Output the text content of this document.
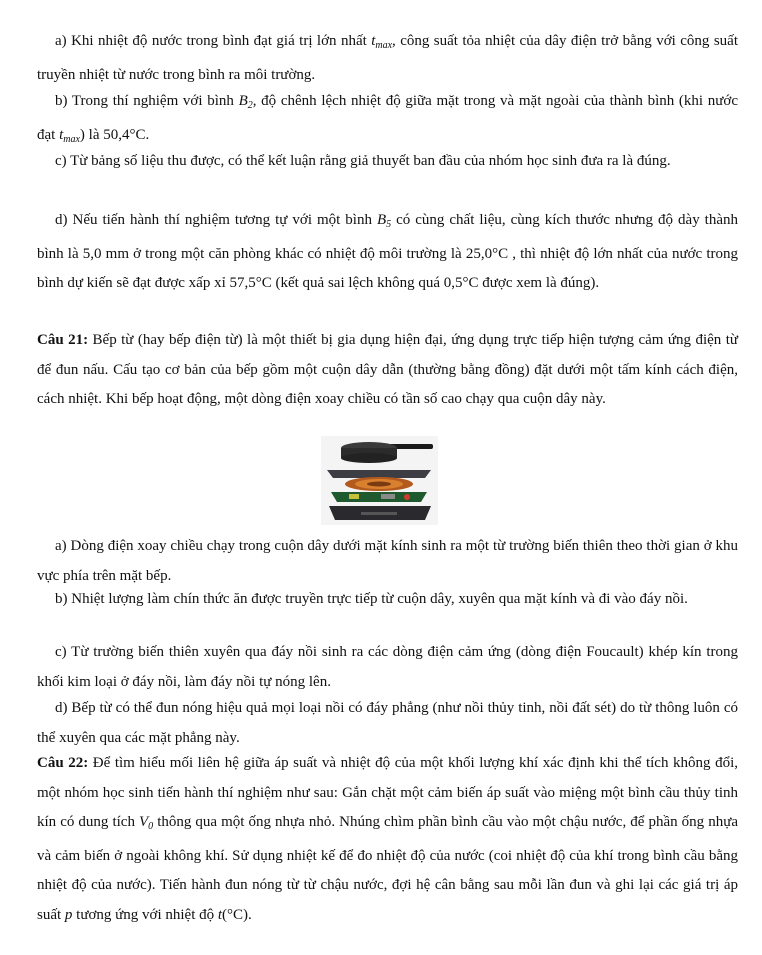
a) Khi nhiệt độ nước trong bình đạt giá trị lớn nhất $t_{max}$, công suất tỏa nhiệt của dây điện trở bằng với công suất truyền nhiệt từ nước trong bình ra môi trường.

b) Trong thí nghiệm với bình $B_2$, độ chênh lệch nhiệt độ giữa mặt trong và mặt ngoài của thành bình (khi nước đạt $t_{max}$) là 50,4°C.

c) Từ bảng số liệu thu được, có thể kết luận rằng giả thuyết ban đầu của nhóm học sinh đưa ra là đúng.

d) Nếu tiến hành thí nghiệm tương tự với một bình $B_5$ có cùng chất liệu, cùng kích thước nhưng độ dày thành bình là 5,0 mm ở trong một căn phòng khác có nhiệt độ môi trường là 25,0°C , thì nhiệt độ lớn nhất của nước trong bình dự kiến sẽ đạt được xấp xỉ 57,5°C (kết quả sai lệch không quá 0,5°C được xem là đúng).

Câu 21: Bếp từ (hay bếp điện từ) là một thiết bị gia dụng hiện đại, ứng dụng trực tiếp hiện tượng cảm ứng điện từ để đun nấu. Cấu tạo cơ bản của bếp gồm một cuộn dây dẫn (thường bằng đồng) đặt dưới một tấm kính cách điện, cách nhiệt. Khi bếp hoạt động, một dòng điện xoay chiều có tần số cao chạy qua cuộn dây này.

a) Dòng điện xoay chiều chạy trong cuộn dây dưới mặt kính sinh ra một từ trường biến thiên theo thời gian ở khu vực phía trên mặt bếp.

b) Nhiệt lượng làm chín thức ăn được truyền trực tiếp từ cuộn dây, xuyên qua mặt kính và đi vào đáy nồi.

c) Từ trường biến thiên xuyên qua đáy nồi sinh ra các dòng điện cảm ứng (dòng điện Foucault) khép kín trong khối kim loại ở đáy nồi, làm đáy nồi tự nóng lên.

d) Bếp từ có thể đun nóng hiệu quả mọi loại nồi có đáy phẳng (như nồi thủy tinh, nồi đất sét) do từ thông luôn có thể xuyên qua các mặt phẳng này.

Câu 22: Để tìm hiểu mối liên hệ giữa áp suất và nhiệt độ của một khối lượng khí xác định khi thể tích không đổi, một nhóm học sinh tiến hành thí nghiệm như sau: Gắn chặt một cảm biến áp suất vào miệng một bình cầu thủy tinh kín có dung tích $V_0$ thông qua một ống nhựa nhỏ. Nhúng chìm phần bình cầu vào một chậu nước, để phần ống nhựa và cảm biến ở ngoài không khí. Sử dụng nhiệt kế để đo nhiệt độ của nước (coi nhiệt độ của khí trong bình cầu bằng nhiệt độ của nước). Tiến hành đun nóng từ từ chậu nước, đợi hệ cân bằng sau mỗi lần đun và ghi lại các giá trị áp suất p tương ứng với nhiệt độ t(°C).
